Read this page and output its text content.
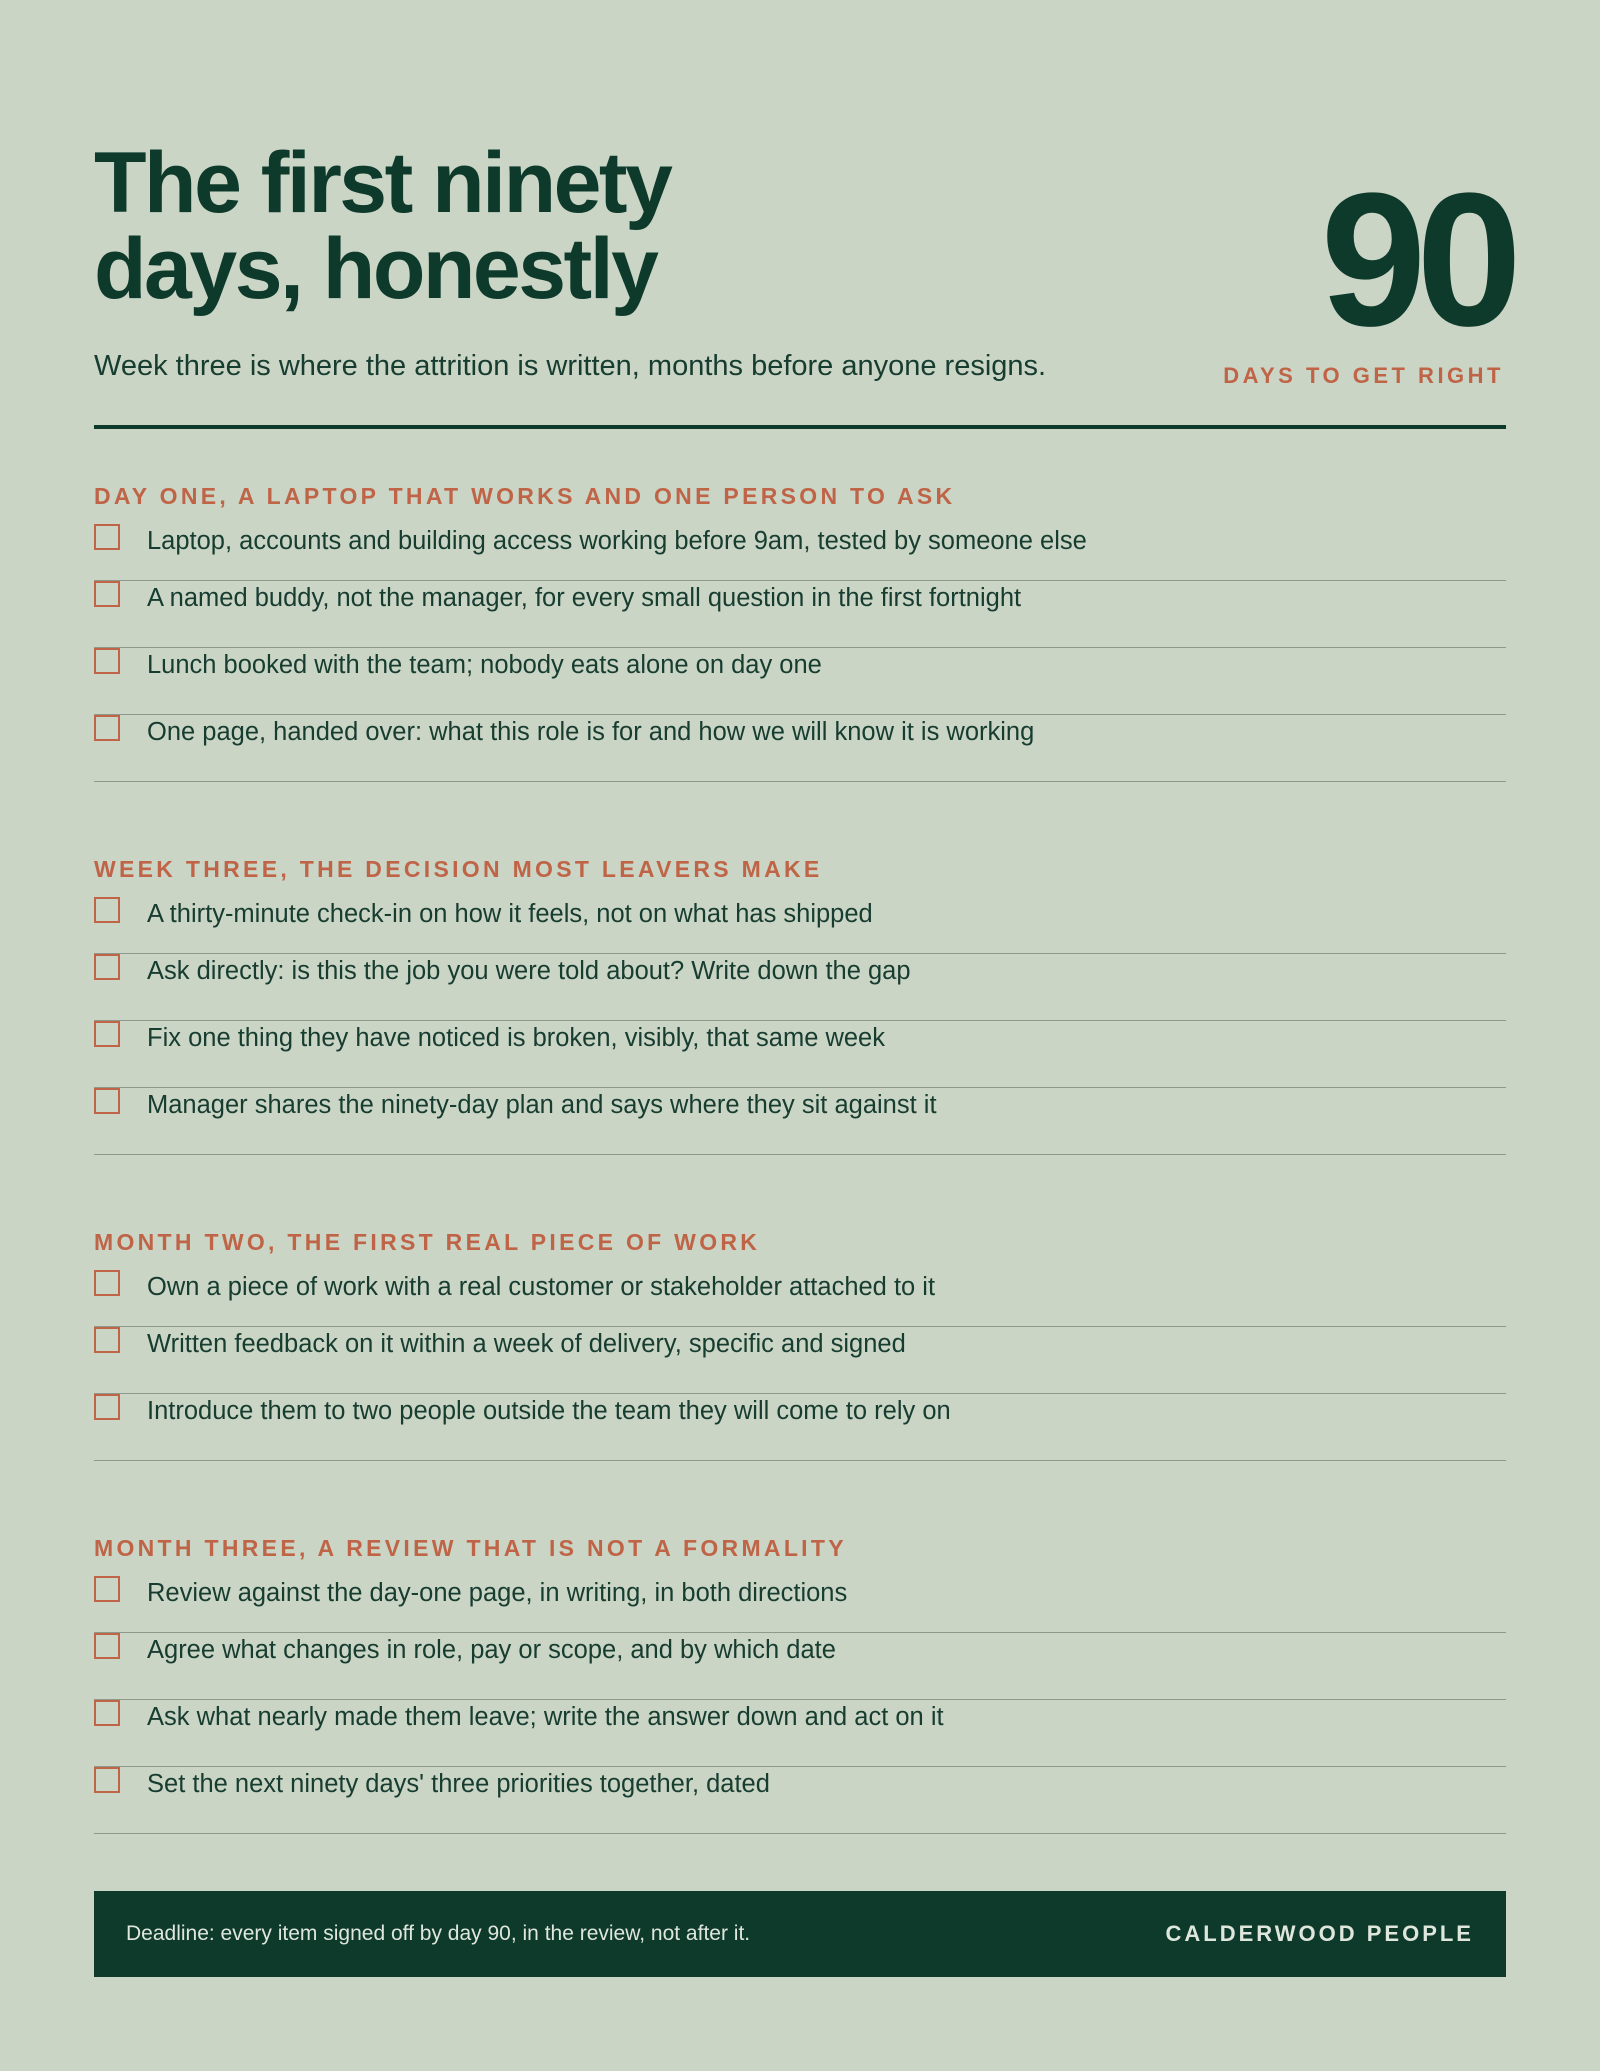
The first ninety
days, honestly

Week three is where the attrition is written, months before anyone resigns. 90
DAYS TO GET RIGHT
DAY ONE, A LAPTOP THAT WORKS AND ONE PERSON TO ASK
Laptop, accounts and building access working before 9am, tested by someone else
A named buddy, not the manager, for every small question in the first fortnight
Lunch booked with the team; nobody eats alone on day one
One page, handed over: what this role is for and how we will know it is working
WEEK THREE, THE DECISION MOST LEAVERS MAKE
A thirty-minute check-in on how it feels, not on what has shipped
Ask directly: is this the job you were told about? Write down the gap
Fix one thing they have noticed is broken, visibly, that same week
Manager shares the ninety-day plan and says where they sit against it
MONTH TWO, THE FIRST REAL PIECE OF WORK
Own a piece of work with a real customer or stakeholder attached to it
Written feedback on it within a week of delivery, specific and signed
Introduce them to two people outside the team they will come to rely on
MONTH THREE, A REVIEW THAT IS NOT A FORMALITY
Review against the day-one page, in writing, in both directions
Agree what changes in role, pay or scope, and by which date
Ask what nearly made them leave; write the answer down and act on it
Set the next ninety days' three priorities together, dated
Deadline: every item signed off by day 90, in the review, not after it.	CALDERWOOD PEOPLE
